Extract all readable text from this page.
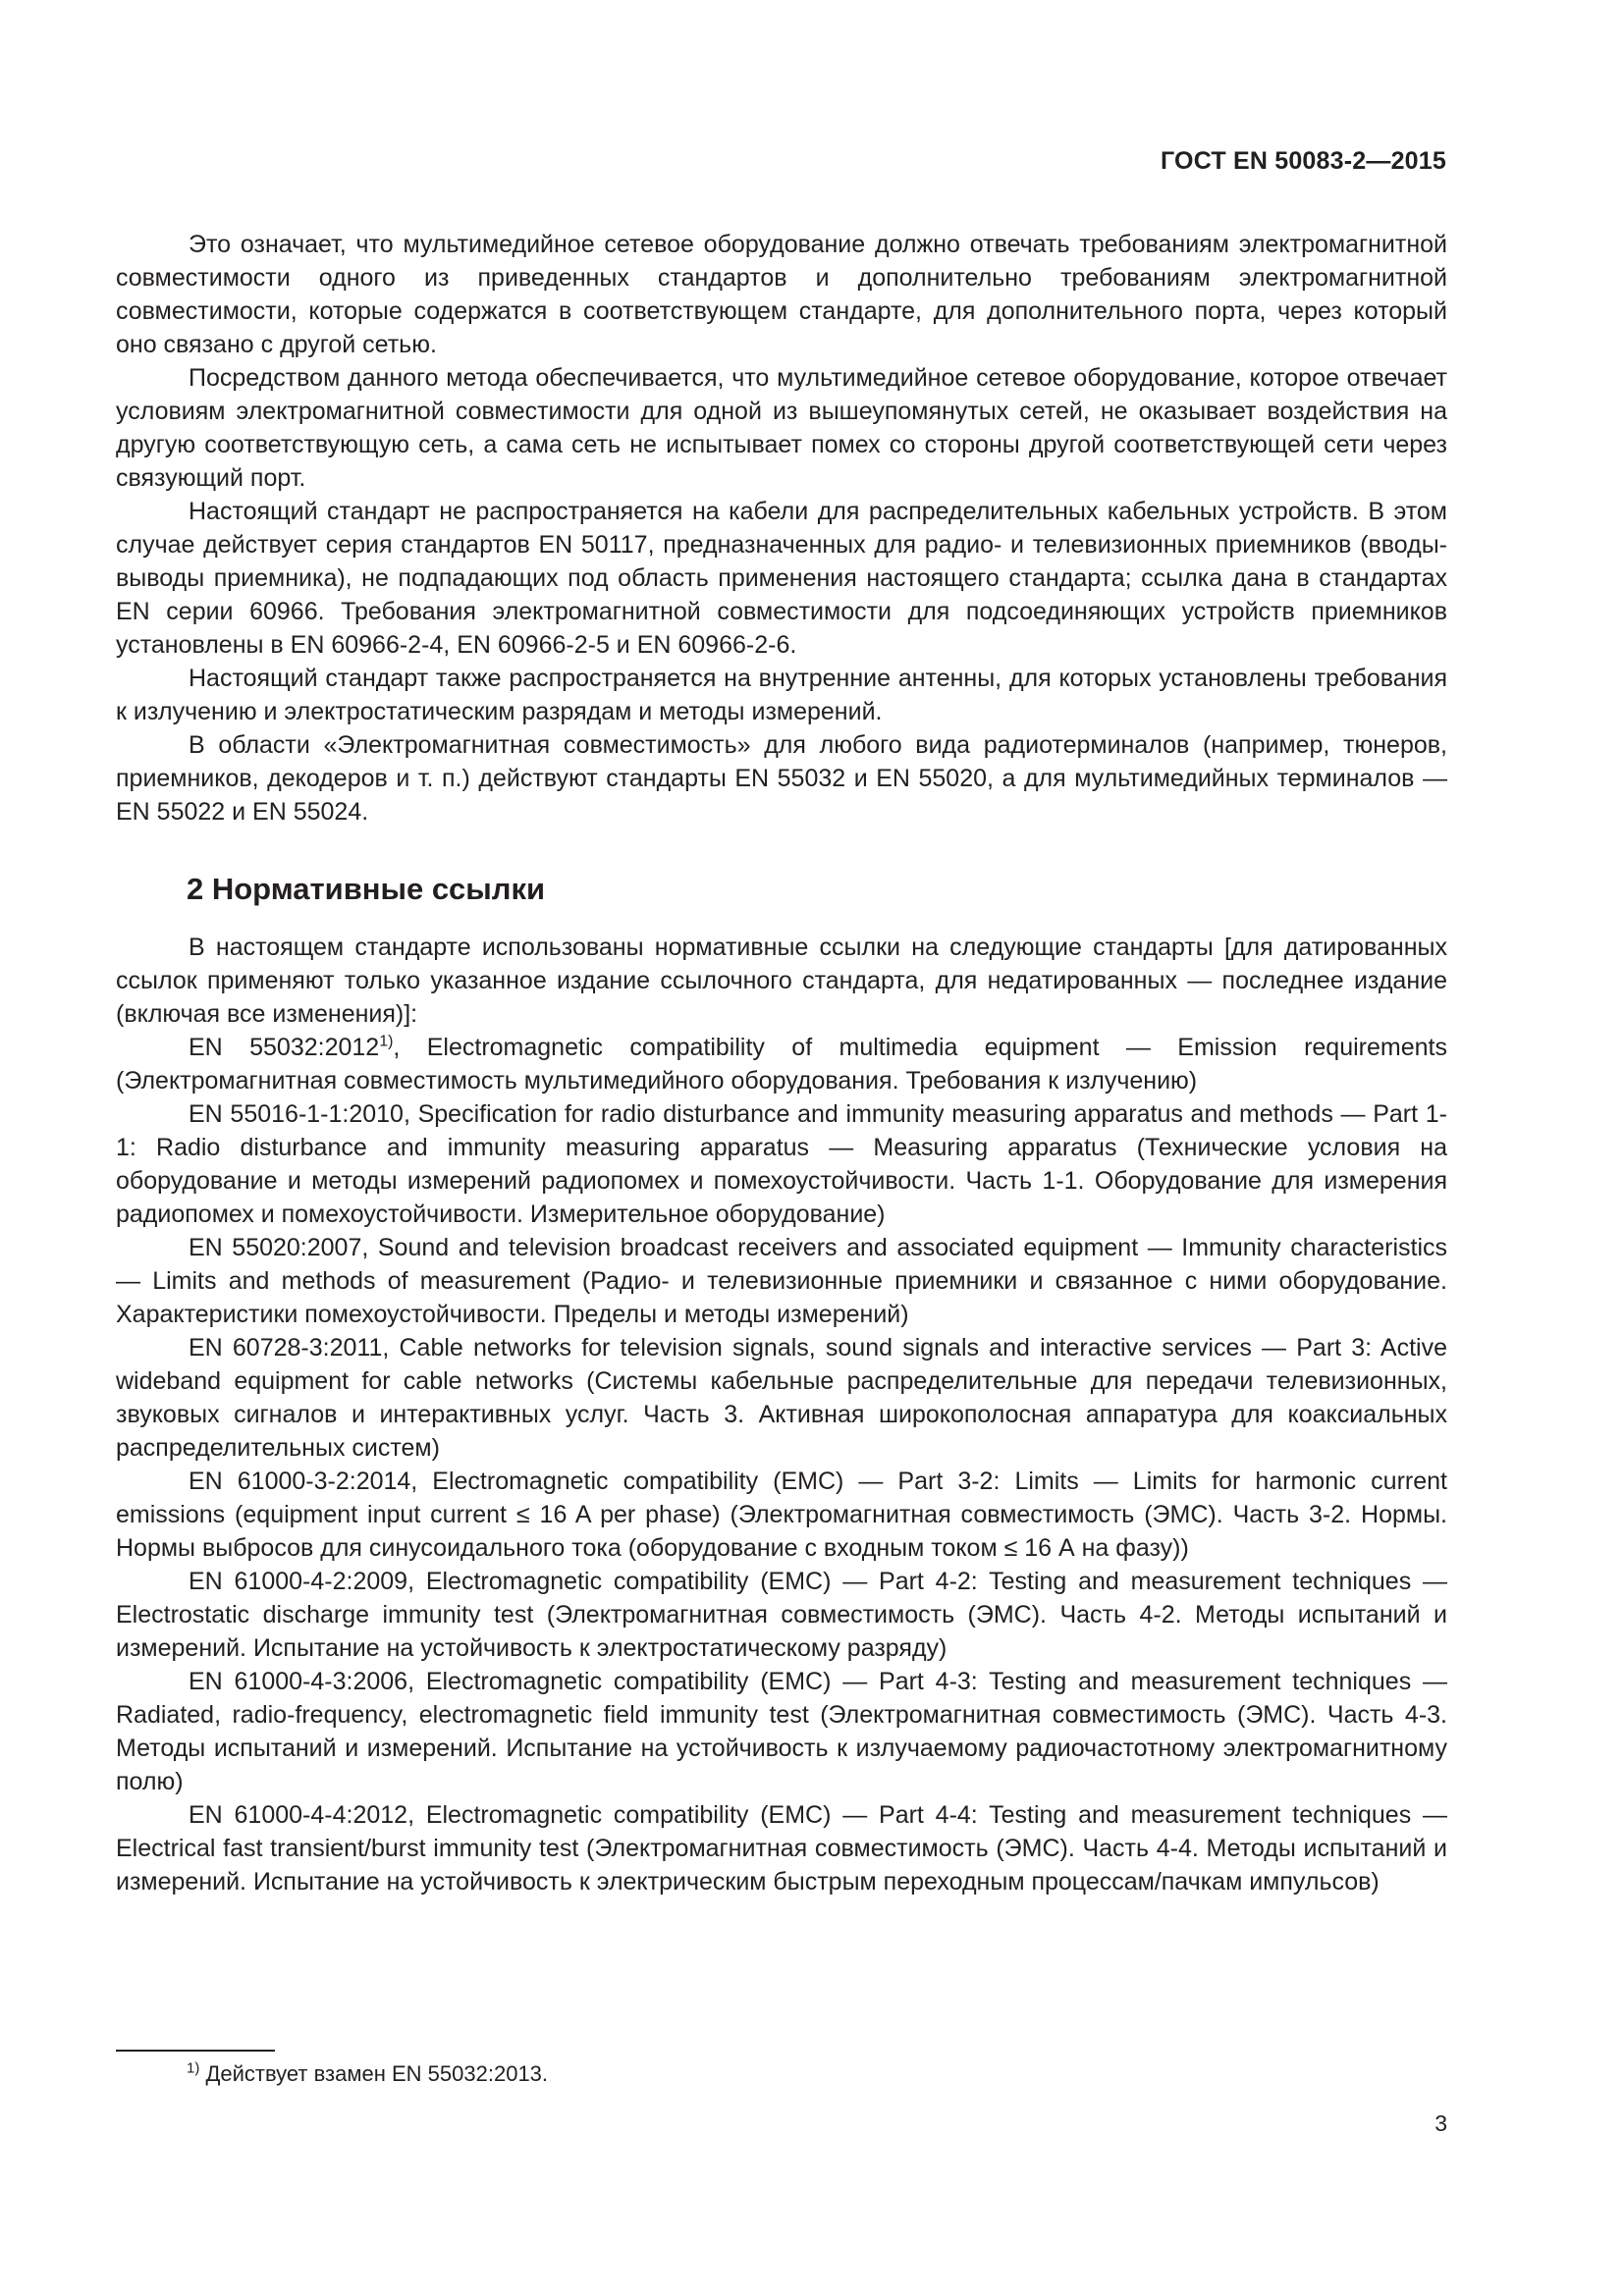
ГОСТ EN 50083-2—2015

Это означает, что мультимедийное сетевое оборудование должно отвечать требованиям электромагнитной совместимости одного из приведенных стандартов и дополнительно требованиям электромагнитной совместимости, которые содержатся в соответствующем стандарте, для дополнительного порта, через который оно связано с другой сетью.

Посредством данного метода обеспечивается, что мультимедийное сетевое оборудование, которое отвечает условиям электромагнитной совместимости для одной из вышеупомянутых сетей, не оказывает воздействия на другую соответствующую сеть, а сама сеть не испытывает помех со стороны другой соответствующей сети через связующий порт.

Настоящий стандарт не распространяется на кабели для распределительных кабельных устройств. В этом случае действует серия стандартов EN 50117, предназначенных для радио- и телевизионных приемников (вводы-выводы приемника), не подпадающих под область применения настоящего стандарта; ссылка дана в стандартах EN серии 60966. Требования электромагнитной совместимости для подсоединяющих устройств приемников установлены в EN 60966-2-4, EN 60966-2-5 и EN 60966-2-6.

Настоящий стандарт также распространяется на внутренние антенны, для которых установлены требования к излучению и электростатическим разрядам и методы измерений.

В области «Электромагнитная совместимость» для любого вида радиотерминалов (например, тюнеров, приемников, декодеров и т. п.) действуют стандарты EN 55032 и EN 55020, а для мультимедийных терминалов — EN 55022 и EN 55024.

2 Нормативные ссылки

В настоящем стандарте использованы нормативные ссылки на следующие стандарты [для датированных ссылок применяют только указанное издание ссылочного стандарта, для недатированных — последнее издание (включая все изменения)]:

EN 55032:2012$^{1)}$, Electromagnetic compatibility of multimedia equipment — Emission requirements (Электромагнитная совместимость мультимедийного оборудования. Требования к излучению)

EN 55016-1-1:2010, Specification for radio disturbance and immunity measuring apparatus and methods — Part 1-1: Radio disturbance and immunity measuring apparatus — Measuring apparatus (Технические условия на оборудование и методы измерений радиопомех и помехоустойчивости. Часть 1-1. Оборудование для измерения радиопомех и помехоустойчивости. Измерительное оборудование)

EN 55020:2007, Sound and television broadcast receivers and associated equipment — Immunity characteristics — Limits and methods of measurement (Радио- и телевизионные приемники и связанное с ними оборудование. Характеристики помехоустойчивости. Пределы и методы измерений)

EN 60728-3:2011, Cable networks for television signals, sound signals and interactive services — Part 3: Active wideband equipment for cable networks (Системы кабельные распределительные для передачи телевизионных, звуковых сигналов и интерактивных услуг. Часть 3. Активная широкополосная аппаратура для коаксиальных распределительных систем)

EN 61000-3-2:2014, Electromagnetic compatibility (EMC) — Part 3-2: Limits — Limits for harmonic current emissions (equipment input current ≤ 16 A per phase) (Электромагнитная совместимость (ЭМС). Часть 3-2. Нормы. Нормы выбросов для синусоидального тока (оборудование с входным током ≤ 16 А на фазу))

EN 61000-4-2:2009, Electromagnetic compatibility (EMC) — Part 4-2: Testing and measurement techniques — Electrostatic discharge immunity test (Электромагнитная совместимость (ЭМС). Часть 4-2. Методы испытаний и измерений. Испытание на устойчивость к электростатическому разряду)

EN 61000-4-3:2006, Electromagnetic compatibility (EMC) — Part 4-3: Testing and measurement techniques — Radiated, radio-frequency, electromagnetic field immunity test (Электромагнитная совместимость (ЭМС). Часть 4-3. Методы испытаний и измерений. Испытание на устойчивость к излучаемому радиочастотному электромагнитному полю)

EN 61000-4-4:2012, Electromagnetic compatibility (EMC) — Part 4-4: Testing and measurement techniques — Electrical fast transient/burst immunity test (Электромагнитная совместимость (ЭМС). Часть 4-4. Методы испытаний и измерений. Испытание на устойчивость к электрическим быстрым переходным процессам/пачкам импульсов)

$^{1)}$ Действует взамен EN 55032:2013.
3
